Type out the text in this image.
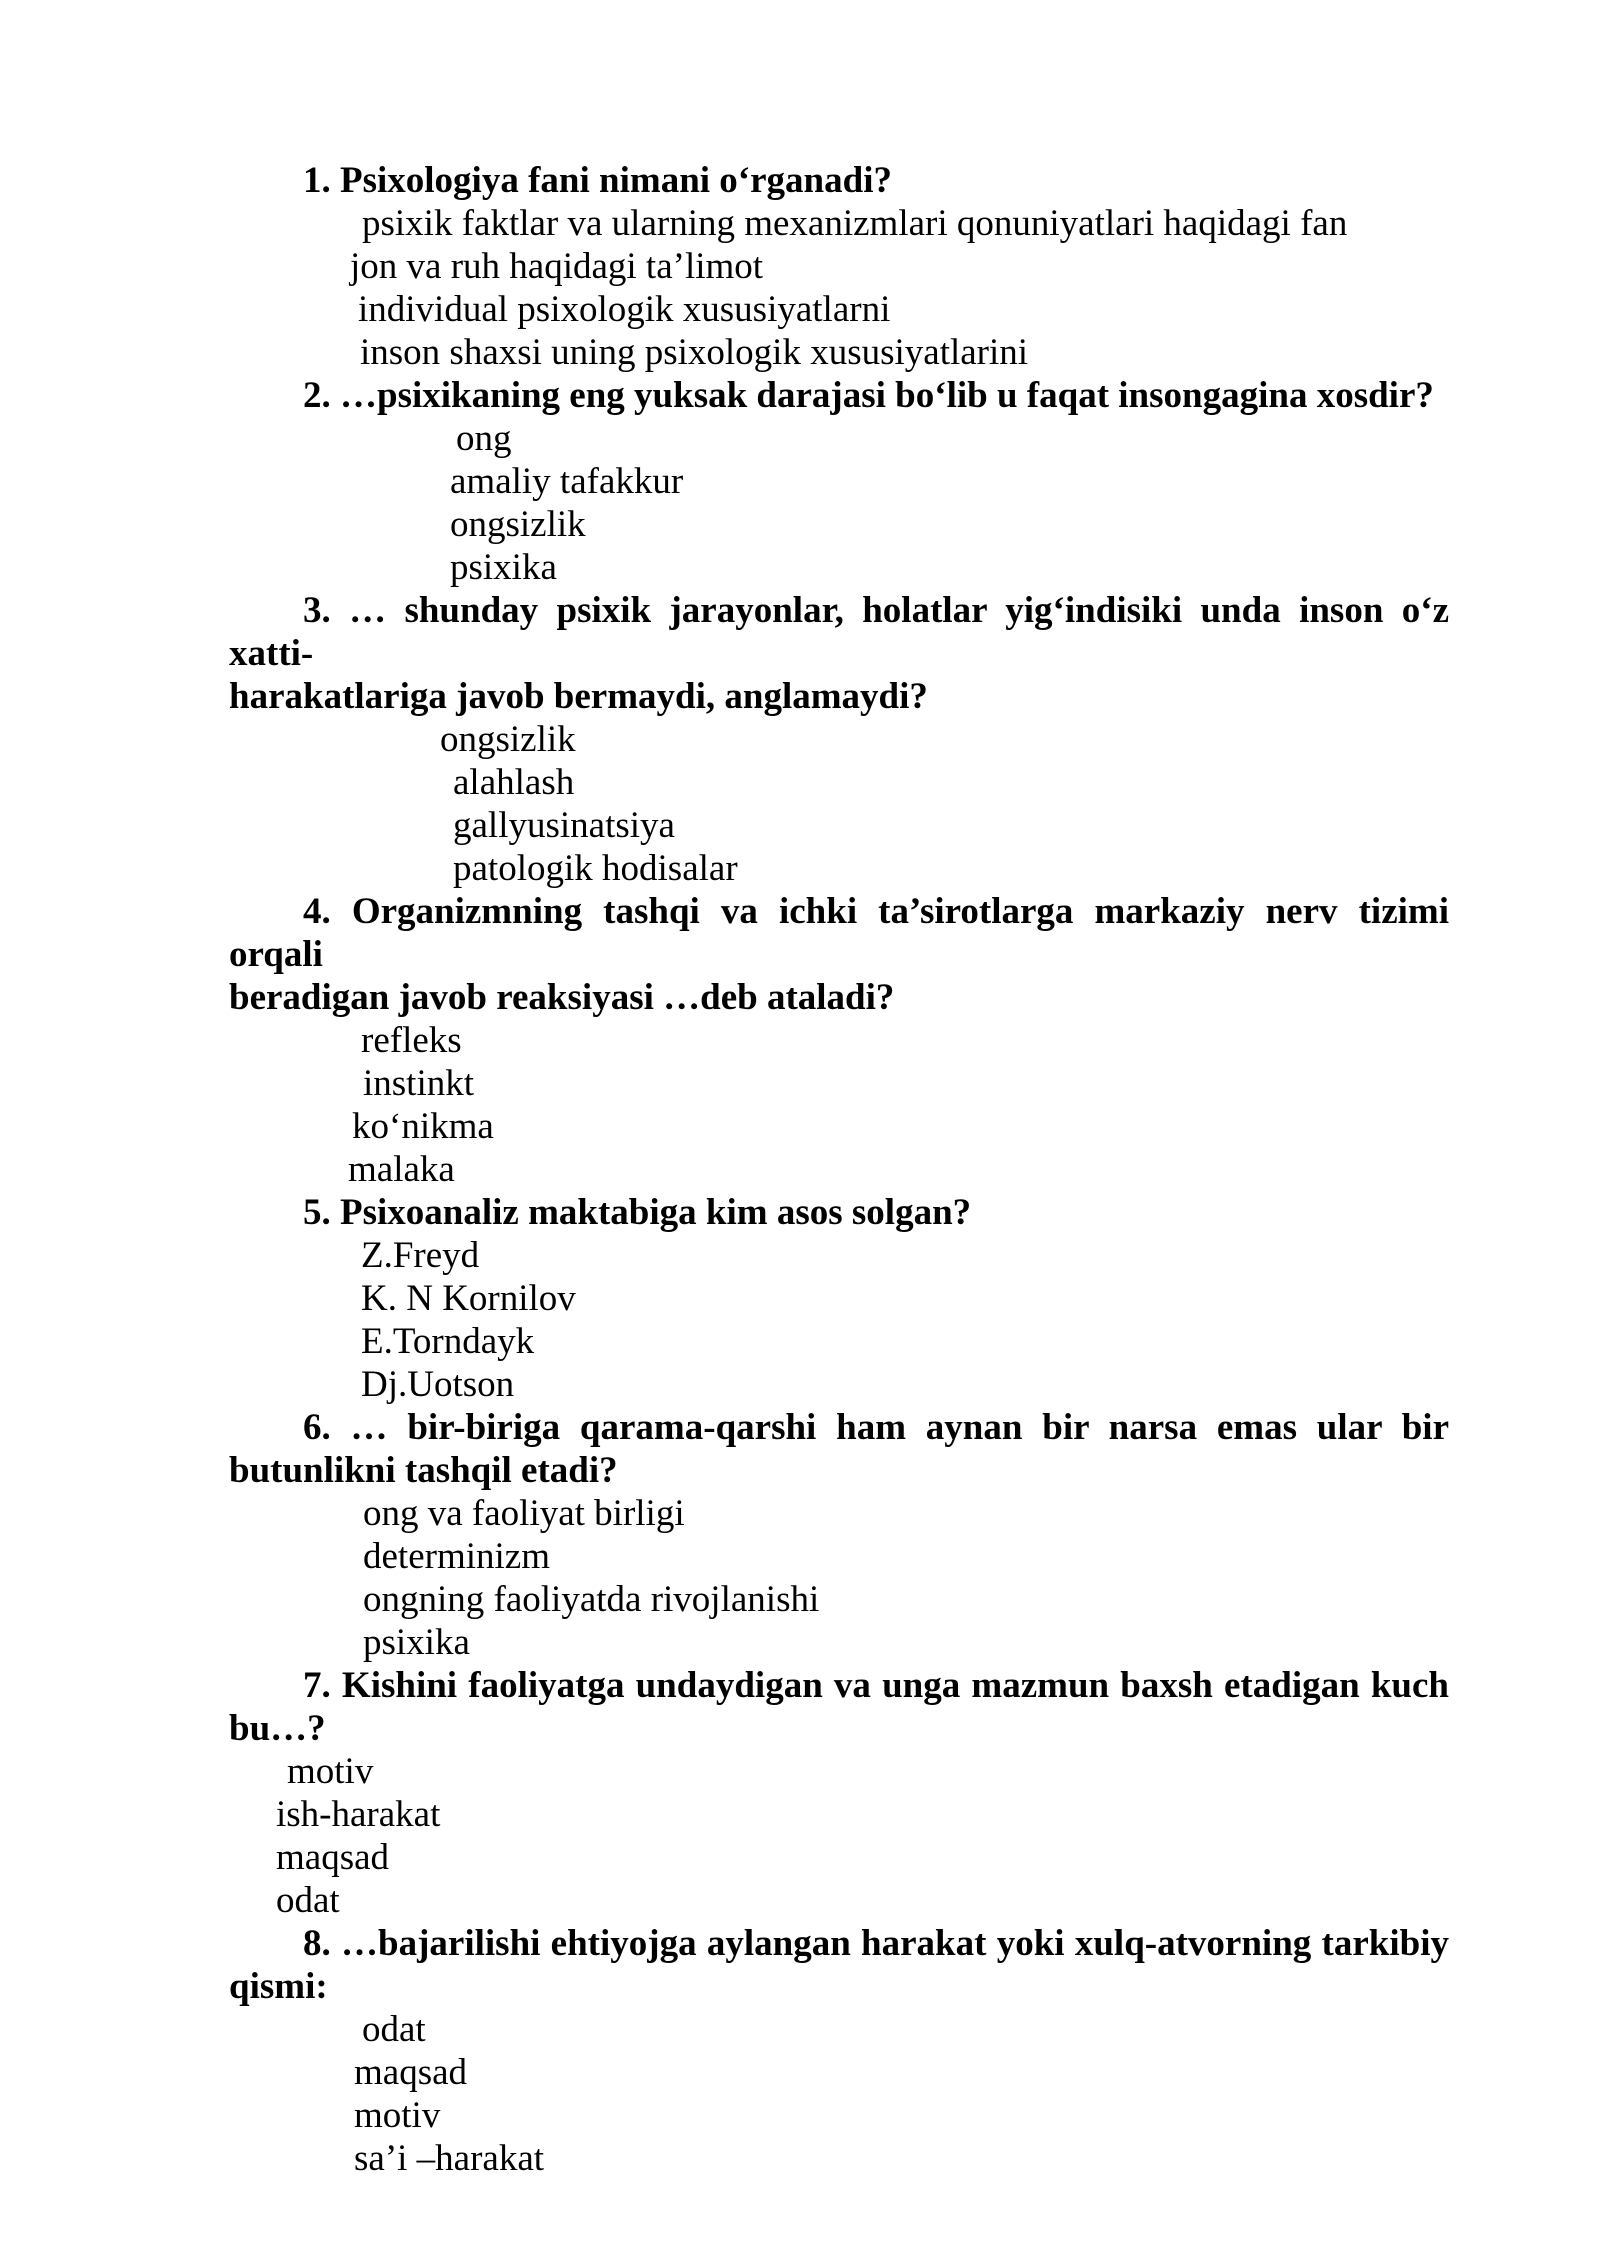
1. Psixologiya fani nimani o‘rganadi?
psixik faktlar va ularning mexanizmlari qonuniyatlari haqidagi fan
jon va ruh haqidagi ta’limot
individual psixologik xususiyatlarni
inson shaxsi uning psixologik xususiyatlarini
2. …psixikaning eng yuksak darajasi bo‘lib u faqat insongagina xosdir?
ong
amaliy tafakkur
ongsizlik
psixika
3. … shunday psixik jarayonlar, holatlar yig‘indisiki unda inson o‘z xatti-
harakatlariga javob bermaydi, anglamaydi?
ongsizlik
alahlash
gallyusinatsiya
patologik hodisalar
4. Organizmning tashqi va ichki ta’sirotlarga markaziy nerv tizimi orqali
beradigan javob reaksiyasi …deb ataladi?
refleks
instinkt
ko‘nikma
malaka
5. Psixoanaliz maktabiga kim asos solgan?
Z.Freyd
K. N Kornilov
E.Torndayk
Dj.Uotson
6. … bir-biriga qarama-qarshi ham aynan bir narsa emas ular bir
butunlikni tashqil etadi?
ong va faoliyat birligi
determinizm
ongning faoliyatda rivojlanishi
psixika
7. Kishini faoliyatga undaydigan va unga mazmun baxsh etadigan kuch
bu…?
motiv
ish-harakat
maqsad
odat
8. …bajarilishi ehtiyojga aylangan harakat yoki xulq-atvorning tarkibiy
qismi:
odat
maqsad
motiv
sa’i –harakat
